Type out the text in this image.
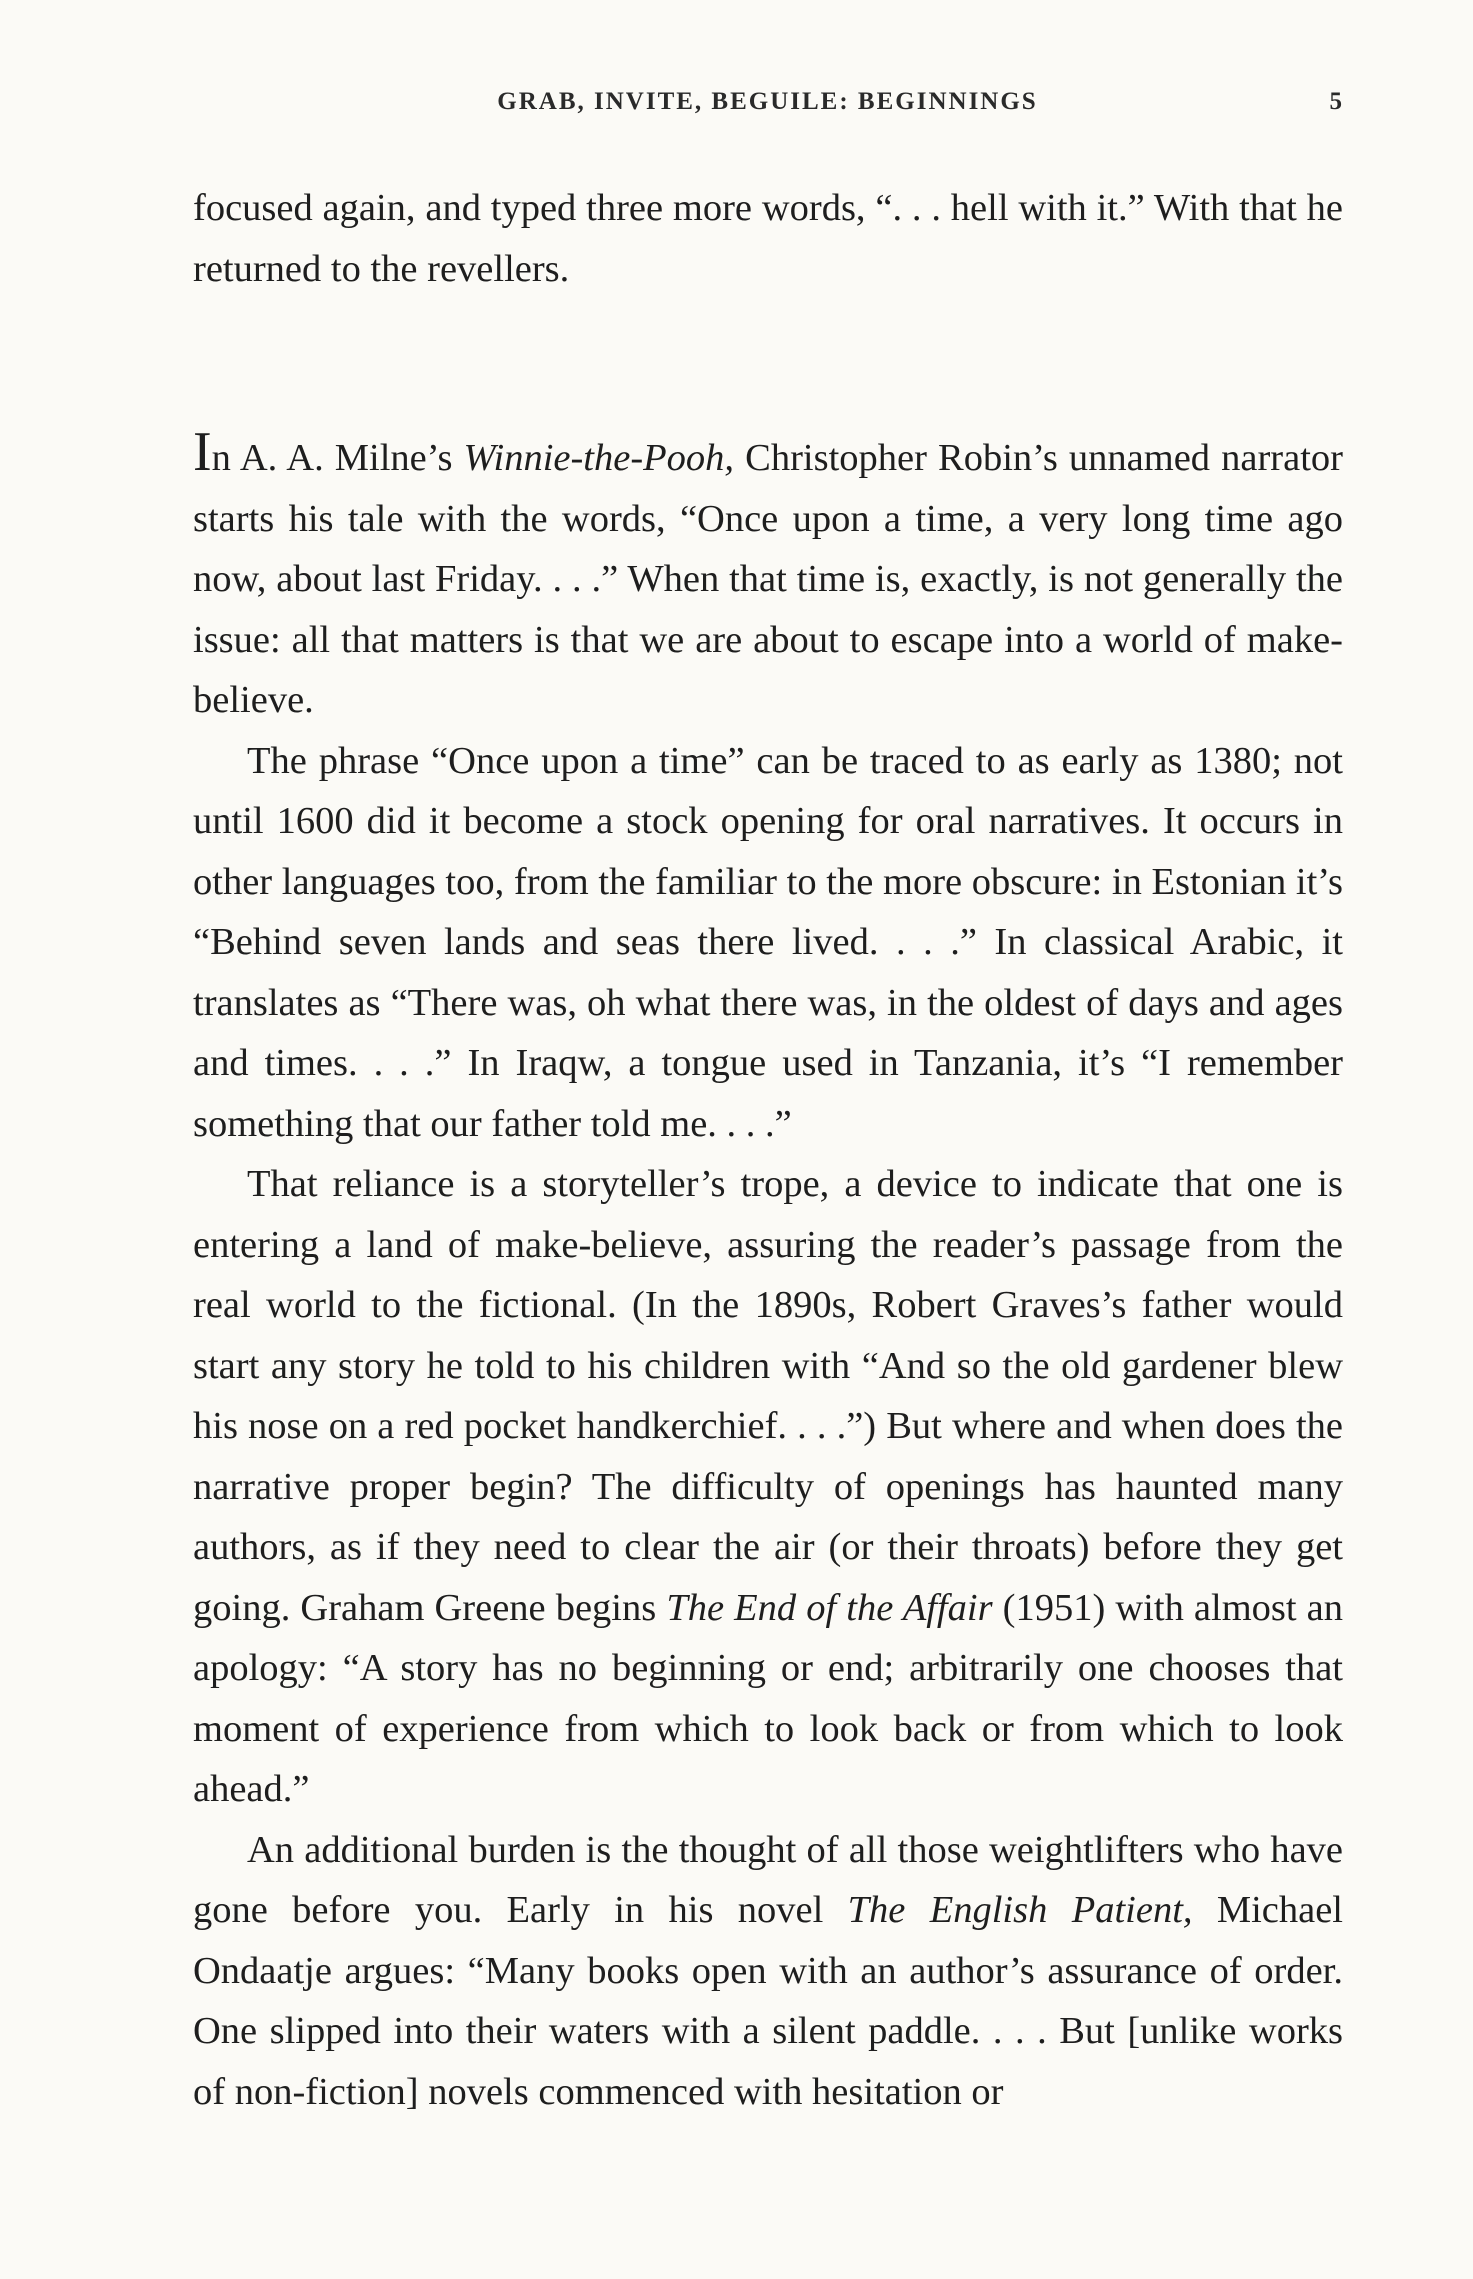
GRAB, INVITE, BEGUILE: BEGINNINGS	5

focused again, and typed three more words, “. . . hell with it.” With that he returned to the revellers.

In A. A. Milne’s Winnie-the-Pooh, Christopher Robin’s unnamed narrator starts his tale with the words, “Once upon a time, a very long time ago now, about last Friday. . . .” When that time is, exactly, is not generally the issue: all that matters is that we are about to escape into a world of make-believe.

The phrase “Once upon a time” can be traced to as early as 1380; not until 1600 did it become a stock opening for oral narratives. It occurs in other languages too, from the familiar to the more obscure: in Estonian it’s “Behind seven lands and seas there lived. . . .” In classical Arabic, it translates as “There was, oh what there was, in the oldest of days and ages and times. . . .” In Iraqw, a tongue used in Tanzania, it’s “I remember something that our father told me. . . .”

That reliance is a storyteller’s trope, a device to indicate that one is entering a land of make-believe, assuring the reader’s passage from the real world to the fictional. (In the 1890s, Robert Graves’s father would start any story he told to his children with “And so the old gardener blew his nose on a red pocket handkerchief. . . .”) But where and when does the narrative proper begin? The difficulty of openings has haunted many authors, as if they need to clear the air (or their throats) before they get going. Graham Greene begins The End of the Affair (1951) with almost an apology: “A story has no beginning or end; arbitrarily one chooses that moment of experience from which to look back or from which to look ahead.”

An additional burden is the thought of all those weightlifters who have gone before you. Early in his novel The English Patient, Michael Ondaatje argues: “Many books open with an author’s assurance of order. One slipped into their waters with a silent paddle. . . . But [unlike works of non-fiction] novels commenced with hesitation or
